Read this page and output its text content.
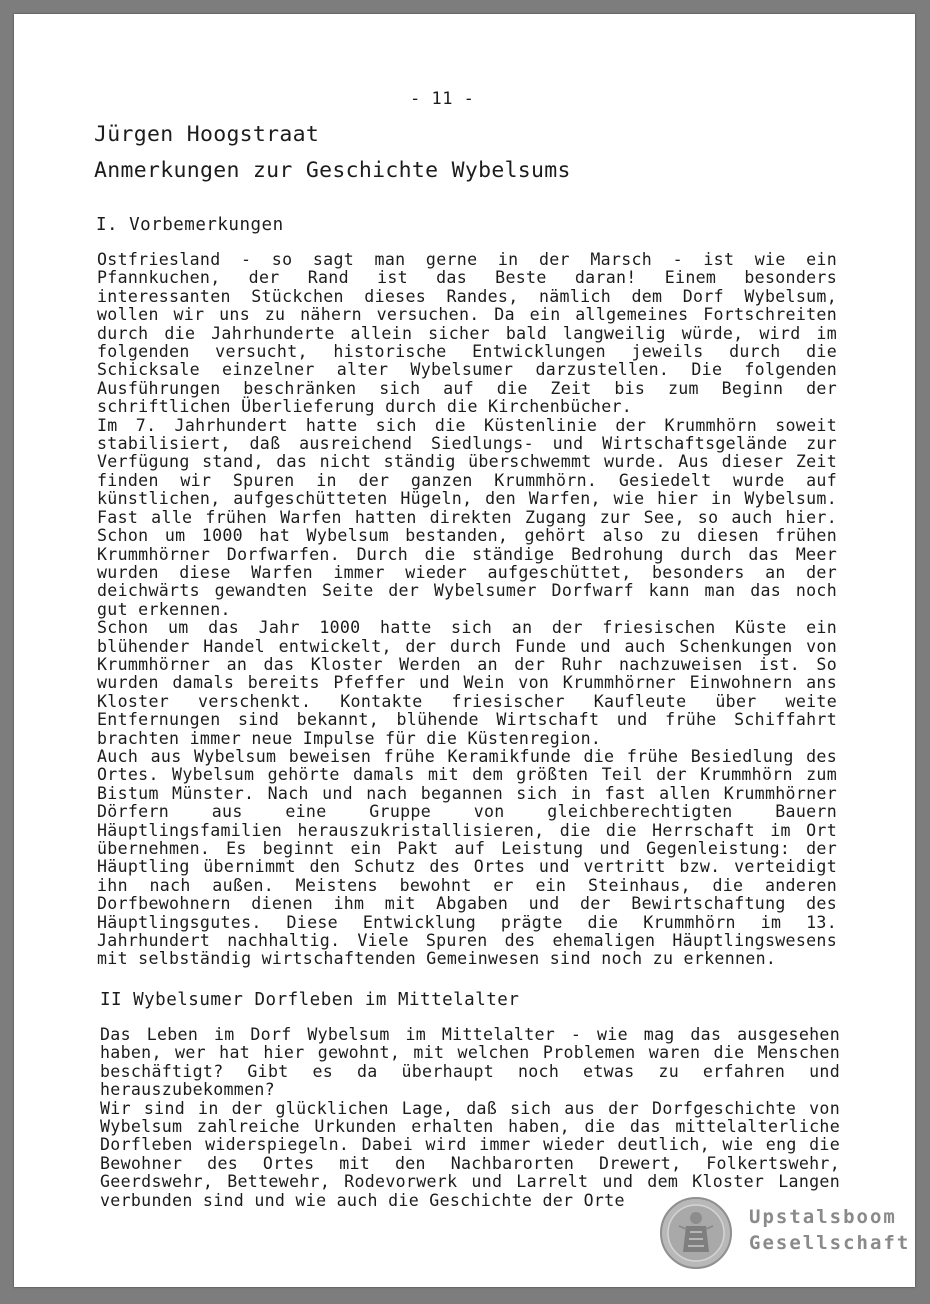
- 11 -
Jürgen Hoogstraat
Anmerkungen zur Geschichte Wybelsums
I. Vorbemerkungen

Ostfriesland - so sagt man gerne in der Marsch - ist wie ein Pfannkuchen, der Rand ist das Beste daran! Einem besonders interessanten Stückchen dieses Randes, nämlich dem Dorf Wybelsum, wollen wir uns zu nähern versuchen. Da ein allgemeines Fortschreiten durch die Jahrhunderte allein sicher bald langweilig würde, wird im folgenden versucht, historische Entwicklungen jeweils durch die Schicksale einzelner alter Wybelsumer darzustellen. Die folgenden Ausführungen beschränken sich auf die Zeit bis zum Beginn der schriftlichen Überlieferung durch die Kirchenbücher.

Im 7. Jahrhundert hatte sich die Küstenlinie der Krummhörn soweit stabilisiert, daß ausreichend Siedlungs- und Wirtschaftsgelände zur Verfügung stand, das nicht ständig überschwemmt wurde. Aus dieser Zeit finden wir Spuren in der ganzen Krummhörn. Gesiedelt wurde auf künstlichen, aufgeschütteten Hügeln, den Warfen, wie hier in Wybelsum. Fast alle frühen Warfen hatten direkten Zugang zur See, so auch hier. Schon um 1000 hat Wybelsum bestanden, gehört also zu diesen frühen Krummhörner Dorfwarfen. Durch die ständige Bedrohung durch das Meer wurden diese Warfen immer wieder aufgeschüttet, besonders an der deichwärts gewandten Seite der Wybelsumer Dorfwarf kann man das noch gut erkennen.

Schon um das Jahr 1000 hatte sich an der friesischen Küste ein blühender Handel entwickelt, der durch Funde und auch Schenkungen von Krummhörner an das Kloster Werden an der Ruhr nachzuweisen ist. So wurden damals bereits Pfeffer und Wein von Krummhörner Einwohnern ans Kloster verschenkt. Kontakte friesischer Kaufleute über weite Entfernungen sind bekannt, blühende Wirtschaft und frühe Schiffahrt brachten immer neue Impulse für die Küstenregion.

Auch aus Wybelsum beweisen frühe Keramikfunde die frühe Besiedlung des Ortes. Wybelsum gehörte damals mit dem größten Teil der Krummhörn zum Bistum Münster. Nach und nach begannen sich in fast allen Krummhörner Dörfern aus eine Gruppe von gleichberechtigten Bauern Häuptlingsfamilien herauszukristallisieren, die die Herrschaft im Ort übernehmen. Es beginnt ein Pakt auf Leistung und Gegenleistung: der Häuptling übernimmt den Schutz des Ortes und vertritt bzw. verteidigt ihn nach außen. Meistens bewohnt er ein Steinhaus, die anderen Dorfbewohnern dienen ihm mit Abgaben und der Bewirtschaftung des Häuptlingsgutes. Diese Entwicklung prägte die Krummhörn im 13. Jahrhundert nachhaltig. Viele Spuren des ehemaligen Häuptlingswesens mit selbständig wirtschaftenden Gemeinwesen sind noch zu erkennen.

II Wybelsumer Dorfleben im Mittelalter

Das Leben im Dorf Wybelsum im Mittelalter - wie mag das ausgesehen haben, wer hat hier gewohnt, mit welchen Problemen waren die Menschen beschäftigt? Gibt es da überhaupt noch etwas zu erfahren und herauszubekommen?

Wir sind in der glücklichen Lage, daß sich aus der Dorfgeschichte von Wybelsum zahlreiche Urkunden erhalten haben, die das mittelalterliche Dorfleben widerspiegeln. Dabei wird immer wieder deutlich, wie eng die Bewohner des Ortes mit den Nachbarorten Drewert, Folkertswehr, Geerdswehr, Bettewehr, Rodevorwerk und Larrelt und dem Kloster Langen verbunden sind und wie auch die Geschichte der Orte

Upstalsboom
Gesellschaft
